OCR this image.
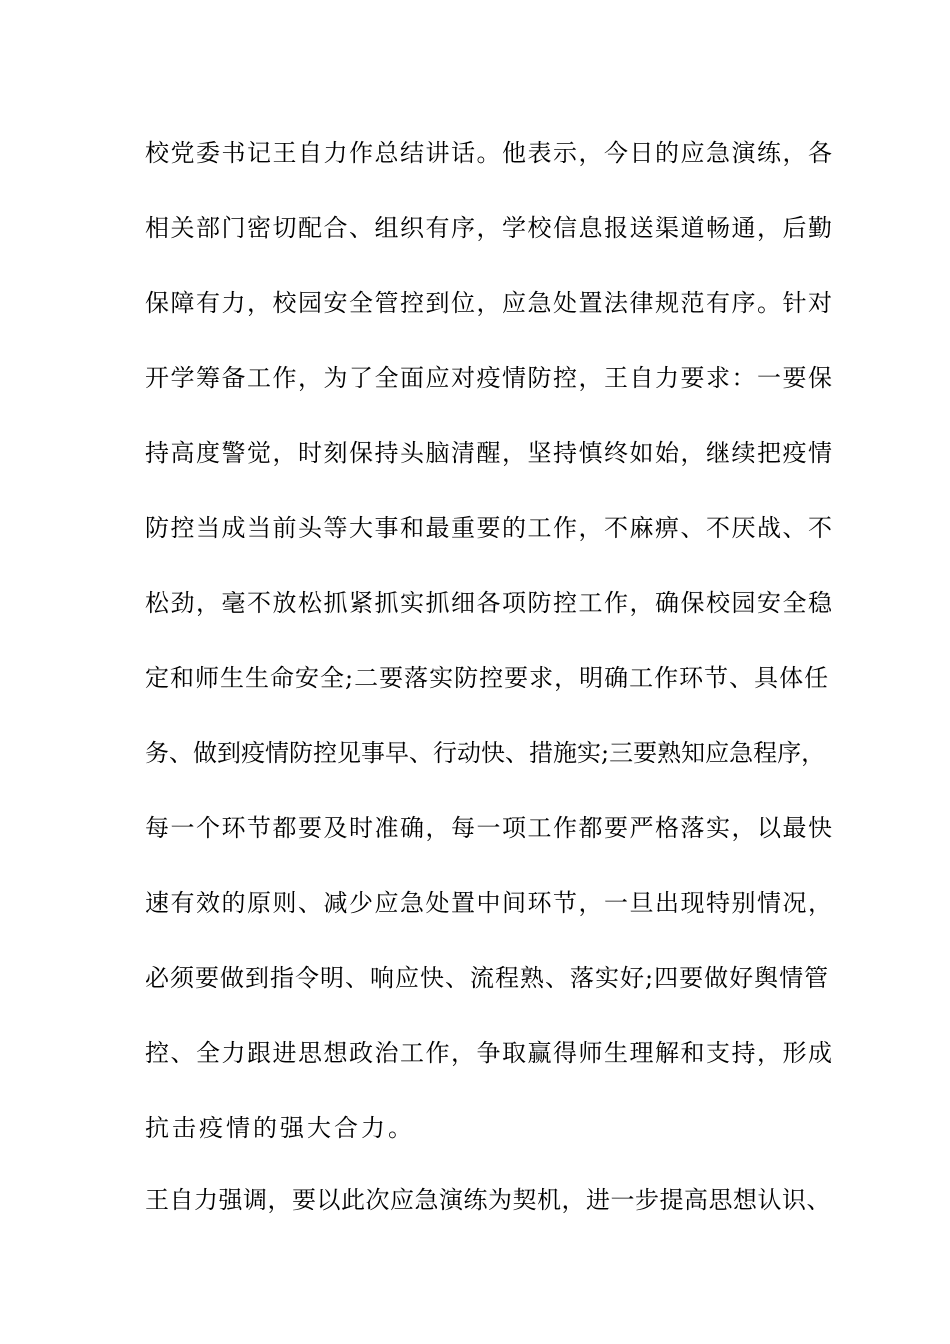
校党委书记王自力作总结讲话。他表示，今日的应急演练，各
相关部门密切配合、组织有序，学校信息报送渠道畅通，后勤
保障有力，校园安全管控到位，应急处置法律规范有序。针对
开学筹备工作，为了全面应对疫情防控，王自力要求：一要保
持高度警觉，时刻保持头脑清醒，坚持慎终如始，继续把疫情
防控当成当前头等大事和最重要的工作，不麻痹、不厌战、不
松劲，毫不放松抓紧抓实抓细各项防控工作，确保校园安全稳
定和师生生命安全;二要落实防控要求，明确工作环节、具体任
务、做到疫情防控见事早、行动快、措施实;三要熟知应急程序，
每一个环节都要及时准确，每一项工作都要严格落实，以最快
速有效的原则、减少应急处置中间环节，一旦出现特别情况，
必须要做到指令明、响应快、流程熟、落实好;四要做好舆情管
控、全力跟进思想政治工作，争取赢得师生理解和支持，形成
抗击疫情的强大合力。
王自力强调，要以此次应急演练为契机，进一步提高思想认识、
